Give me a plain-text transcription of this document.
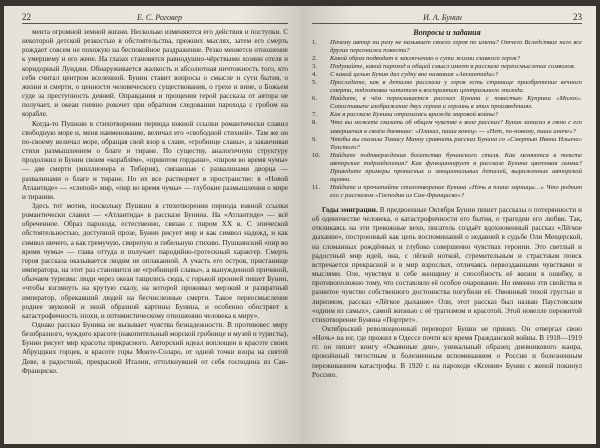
22	Е. С. Роговер

мента огромной земной жизни. Несколько изменяются его действия и поступки. С некоторой детской резкостью в обстоятельства, прежних мыслях, затем его смерть рождает совсем не похожую на беспокойное раздражение. Резко меняется отношение к умершему и его жене. На глазах становятся равнодушно-чёрствыми хозяин отеля и коридорный Луиджи. Обнаруживается жалкость и абсолютная ничтожность того, кто себя считал центром вселенной. Бунин ставит вопросы о смысле и сути бытия, о жизни и смерти, о ценности человеческого существования, о грехе и вине, о Божьем суде за преступность деяний. Оправдания и прощения герой рассказа от автора не получает, и океан гневно рокочет при обратном следовании парохода с гробом на корабле.

Когда-то Пушкин в стихотворении периода южной ссылки романтически славил свободную морe и, меня наименование, величал его «свободной стихией». Там же он по-своему величал морe, обращая свой взор к славе, «гробнице славы», а заканчивая стихи размышлением о благе и тиране. По существу, аналогичную структуру продолжил и Бунин своим «кораблём», «приютом гордыни», «пиром во время чумы» — две смерти (миллионера и Тиберия), связанные с развалинами дворца — развалинами о благе и тиране. Но их все растворяет в пространстве: в «Новой Атлантиде» — «слепой» мир, «пир во время чумы» — глубокие размышления о мире и тирании.

Здесь тот мотив, поскольку Пушкин в стихотворении периода южной ссылки романтически славил — «Атлантида» в рассказе Бунина. На «Атлантиде» — всё обреченное. Образ парохода, естественно, связан с пиром XX в. С эпической обстоятельностью, доступной прозе, Бунин рисует мир и как символ надежд, и как символ ничего, а как гремучую, свирепую и гибельную стихию. Пушкинский «пир во время чумы» — глава оттуда и получает пародийно-гротескный характер. Смерть героя рассказа оказывается людям не оплаканной. А участь его остров, пристанище императора, на этот раз становится не «гробницей славы», а вынужденной причиной, обычаем туризма: люди через океан тащились сюда, с горькой иронией пишет Бунин, «чтобы взглянуть на крутую скалу, на которой проживал мерзкий и развратный император, обрекавший людей на бесчисленные смерти. Такое переосмысление роднее звуковой и иной образной картины Бунина, и особенно обостряет к катастрофичность эпохи, и оптимистическому отношению человека к миру».

Однако рассказ Бунина не вызывает чувства безнадежности. В противовес миру безобразного, чуждого красоте (накопительный морской гробнице и музей и туристы), Бунин рисует мир красоты прекрасного. Авторский идеал воплощен в красоте своих Абруццких горцев, в красоте горы Монте-Соларо, от одной точки взора на святой Деве, в радостной, прекрасной Италии, оттолкнувшей от себя господина из Сан-Франциско.

И. А. Бунин	23
Вопросы и задания
1.	Почему автор ни разу не называет своего героя по имени? Отчего Вследствие него все другие персонажи повести?
2.	Какой образ подводит к заключению о сути жизни главного героя?
3.	Подумайте, какой пароход и общий смысл имеет в рассказе переосмысление символов.
4.	С какой целью Бунин дал судну вне названия «Атлантида»?
5.	Проследите, как в деталях рассказа у героя есть странице приобретение вечного смерти, подготовка читателя к восприятию центрального эпизода.
6.	Найдите, в чём перекликается рассказ Бунина с повестью Куприна «Молох». Сопоставьте изображение двух героев и героинь в этих произведениях.
7.	Как в рассказе Бунина отразилась вражда мировой войны?
8.	Что вы можете сказать об общем чувстве к воле рассказ? Бунин записал в свою с его завершения в своём дневнике: «Плакал, пиши конец» — «Нет, по-новому, пиши иначе»?
9.	Чтобы вы сказали Томасу Манну сравнить рассказ Бунина со «Смертью Ивана Ильича» Толстого?
10.	Найдите подтверждения богатства бунинского стиля. Как меняются в тексте авторские подразделения? Как функционирует в рассказе Бунина цветовая гамма? Приведите примеры прописных и эмоциональных деталей, выраженных авторской оценки.
11.	Найдите и прочитайте стихотворение Бунина «Ночь в плане зарницы…» Что роднит его с рассказом «Господин из Сан-Франциско»?

Годы эмиграции. В предвоенные Октября Бунин пишет рассказы о потерянности и об одиночестве человека, о катастрофичности его бытия, о трагедии его любви. Так, откликаясь на эти тревожные вехи, писатель создаёт вдохновенный рассказ «Лёгкое дыхание», построенный как цепь воспоминаний о недавней в судьбе Оли Мещерской, на сломанных рождённых и глубоко совершенно чувствах героини. Это светлый и радостный мир идей, она, с лёгкой ноткой, стремительным и страстным поиск встречается прекрасной и в мир взрослых, отличаясь первозданными чувствами и мыслями. Оле, чувствуя в себе женщину и способность её жизни в ошибку, и противоположно тому, что составляло её особое очарование. Но именно эти свойства и развитое чувство собственного достоинства погубили её. Овеянный тихой грустью и лиризмом, рассказ «Лёгкое дыхание» Оли, этот рассказ был назван Паустовским «одним из самых», самой жизнью с её трагизмом и красотой. Этой новелле пережитой стихотворение Бунина «Портрет».

Октябрьский революционный переворот Бунин не принял. Он отвергал свою «Ночь» на юг, где прожил в Одессе почти все время Гражданской войны. В 1918—1919 гг. он пишет книгу «Окаянные дни», уникальный образец дневникового жанра, пронзённый тягостным и болезненным вспоминанием о России и болезненным переживанием катастрофы. В 1920 г. на пароходе «Ксения» Бунин с женой покинул Россию.
